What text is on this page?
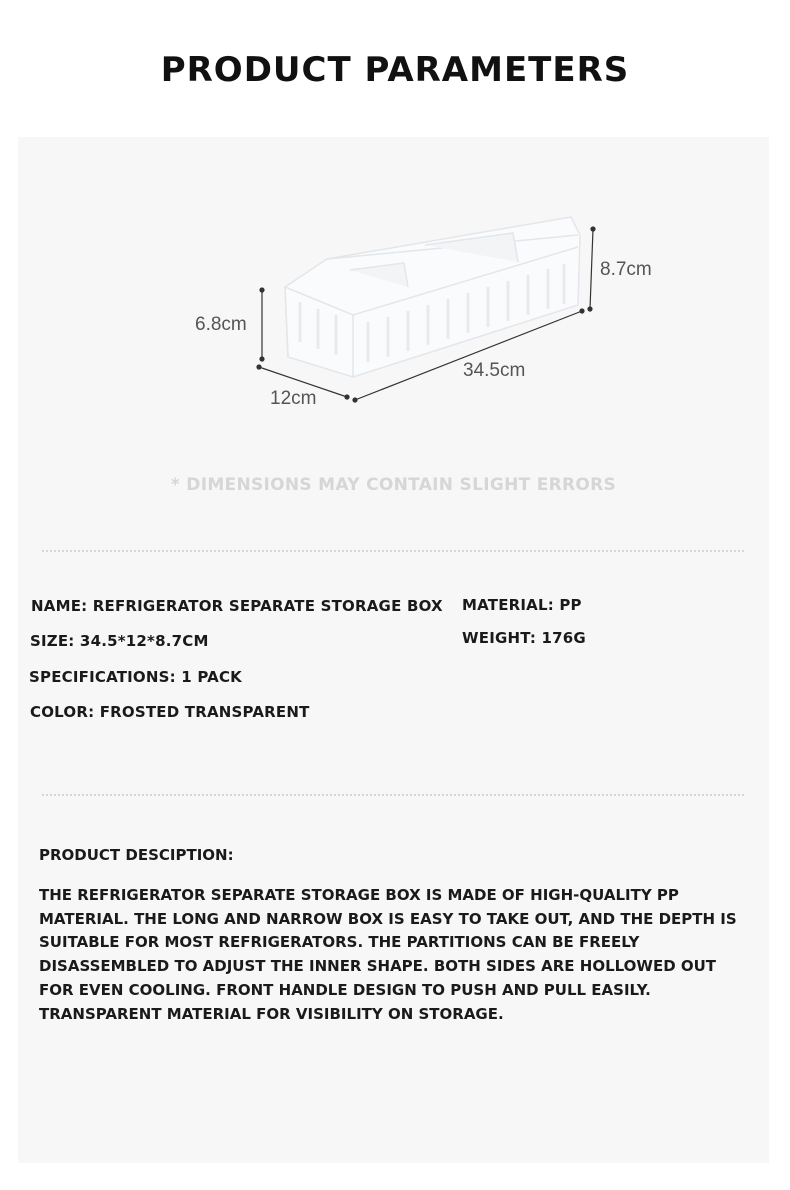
PRODUCT PARAMETERS
6.8cm
8.7cm
12cm
34.5cm
* DIMENSIONS MAY CONTAIN SLIGHT ERRORS
NAME: REFRIGERATOR SEPARATE STORAGE BOX
SIZE: 34.5*12*8.7CM
SPECIFICATIONS: 1 PACK
COLOR: FROSTED TRANSPARENT
MATERIAL: PP
WEIGHT: 176G
PRODUCT DESCIPTION:

THE REFRIGERATOR SEPARATE STORAGE BOX IS MADE OF HIGH-QUALITY PP MATERIAL. THE LONG AND NARROW BOX IS EASY TO TAKE OUT, AND THE DEPTH IS SUITABLE FOR MOST REFRIGERATORS. THE PARTITIONS CAN BE FREELY DISASSEMBLED TO ADJUST THE INNER SHAPE. BOTH SIDES ARE HOLLOWED OUT FOR EVEN COOLING. FRONT HANDLE DESIGN TO PUSH AND PULL EASILY. TRANSPARENT MATERIAL FOR VISIBILITY ON STORAGE.
